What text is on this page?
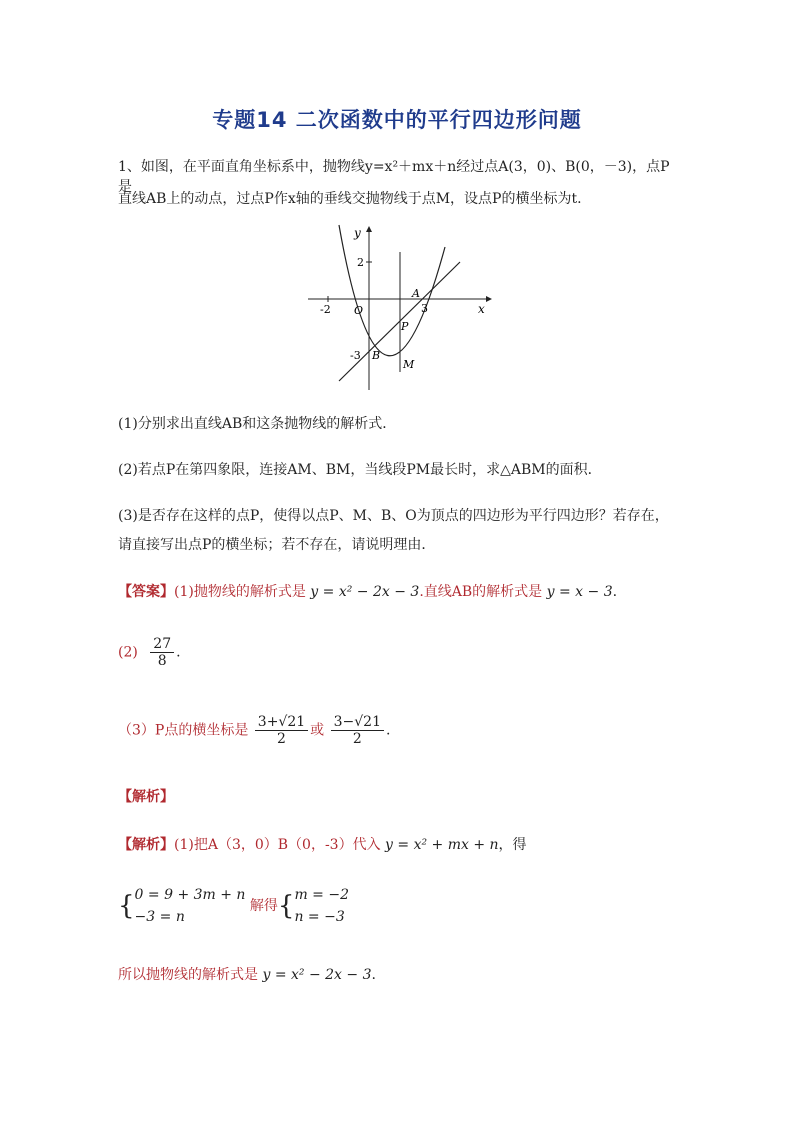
专题14 二次函数中的平行四边形问题
1、如图，在平面直角坐标系中，抛物线y=x²＋mx＋n经过点A(3，0)、B(0，－3)，点P是
直线AB上的动点，过点P作x轴的垂线交抛物线于点M，设点P的横坐标为t.
y
x
2
-2 O	3
-3
A
B
P
M
(1)分别求出直线AB和这条抛物线的解析式．
(2)若点P在第四象限，连接AM、BM，当线段PM最长时，求△ABM的面积．
(3)是否存在这样的点P，使得以点P、M、B、O为顶点的四边形为平行四边形？若存在，
请直接写出点P的横坐标；若不存在，请说明理由．
【答案】(1)抛物线的解析式是 y = x² − 2x − 3.直线AB的解析式是 y = x − 3.
$(2) \frac{27}{8}$ .
（3）P点的横坐标是 $\frac{3+√21}{2}$ 或 $\frac{3-√21}{2}$ .
【解析】
【解析】(1)把A（3，0）B（0，-3）代入 y = x² + mx + n，得
{ 0 = 9 + 3m + n
−3 = n
解得{ m = −2
n = −3
所以抛物线的解析式是 y = x² − 2x − 3.
